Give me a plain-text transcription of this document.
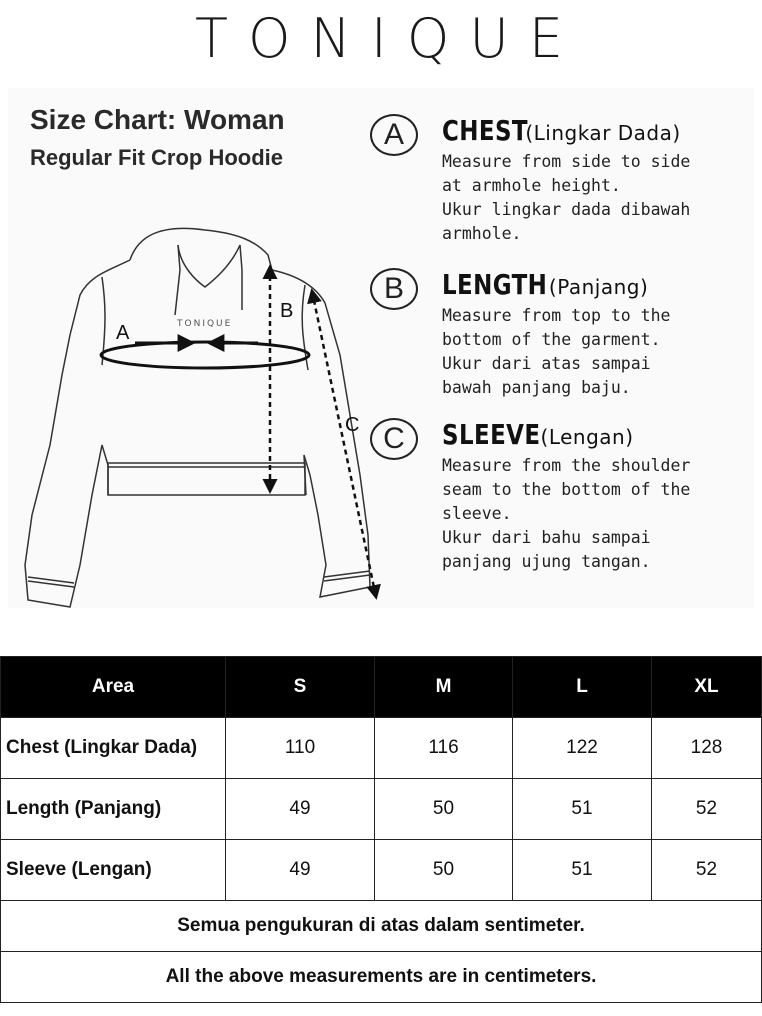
TONIQUE
Size Chart: Woman
Regular Fit Crop Hoodie
A
B
C
TONIQUE
A	CHEST (Lingkar Dada)
Measure from side to side
at armhole height.
Ukur lingkar dada dibawah
armhole.
B	LENGTH (Panjang)
Measure from top to the
bottom of the garment.
Ukur dari atas sampai
bawah panjang baju.
C	SLEEVE (Lengan)
Measure from the shoulder
seam to the bottom of the
sleeve.
Ukur dari bahu sampai
panjang ujung tangan.
Area	S	M	L	XL
Chest (Lingkar Dada)	110	116	122	128
Length (Panjang)	49	50	51	52
Sleeve (Lengan)	49	50	51	52
Semua pengukuran di atas dalam sentimeter.				
All the above measurements are in centimeters.				
